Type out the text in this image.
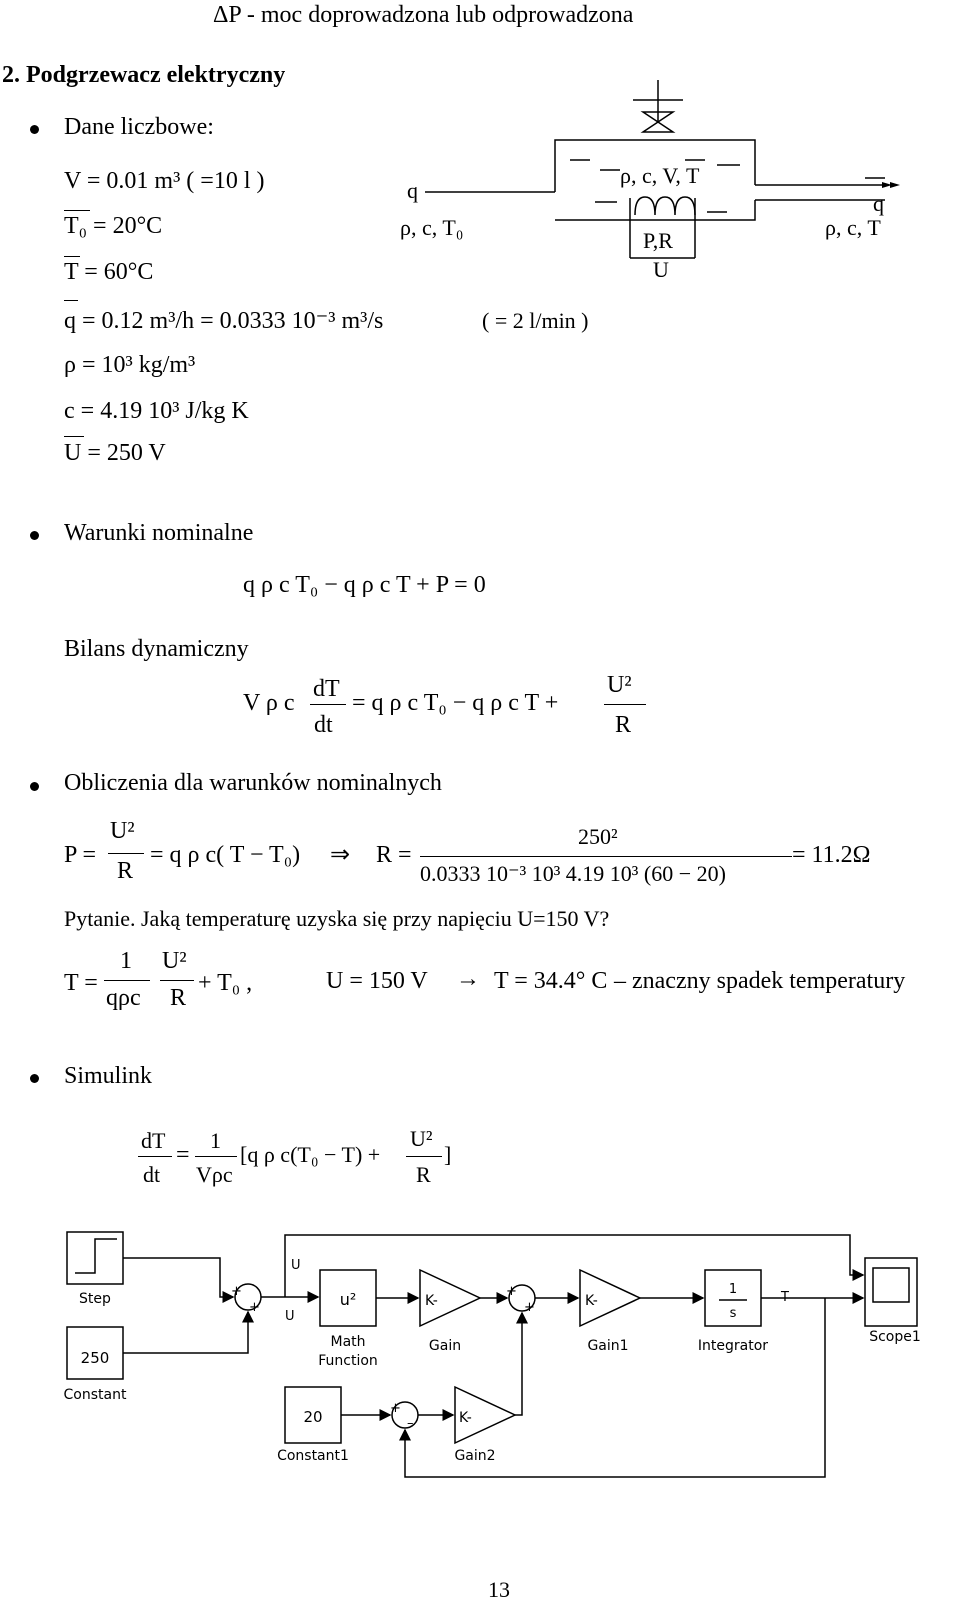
ΔP - moc doprowadzona lub odprowadzona
2. Podgrzewacz elektryczny
Dane liczbowe:
V = 0.01 m³ ( =10 l )
T₀ = 20°C
T = 60°C
q = 0.12 m³/h = 0.0333 10⁻³ m³/s	( = 2 l/min )
ρ = 10³ kg/m³
c = 4.19 10³ J/kg K
U = 250 V
q
ρ, c, T₀
ρ, c, V, T
P,R
U
q
ρ, c, T
Warunki nominalne
q ρ c T₀ − q ρ c T + P = 0
Bilans dynamiczny
V ρ c
dT
dt
= q ρ c T₀ − q ρ c T +
U²
R
Obliczenia dla warunków nominalnych
P =
U²
R
= q ρ c( T − T₀) ⇒ R =
250²
0.0333 10⁻³ 10³ 4.19 10³ (60 − 20)
= 11.2Ω
Pytanie. Jaką temperaturę uzyska się przy napięciu U=150 V?
T =
1
qρc
U²
R
+ T₀ ,	U = 150 V → T = 34.4° C – znaczny spadek temperatury
Simulink
dT
dt
=
1
Vρc
[q ρ c(T₀ − T) +
U²
R
]
250
u²	K-	K-
1
s
20	K-
+
+
+
+
+
–
Step
Constant
Math
Function
Gain	Gain1	Integrator
Scope1
Constant1	Gain2
U
U
T
13
